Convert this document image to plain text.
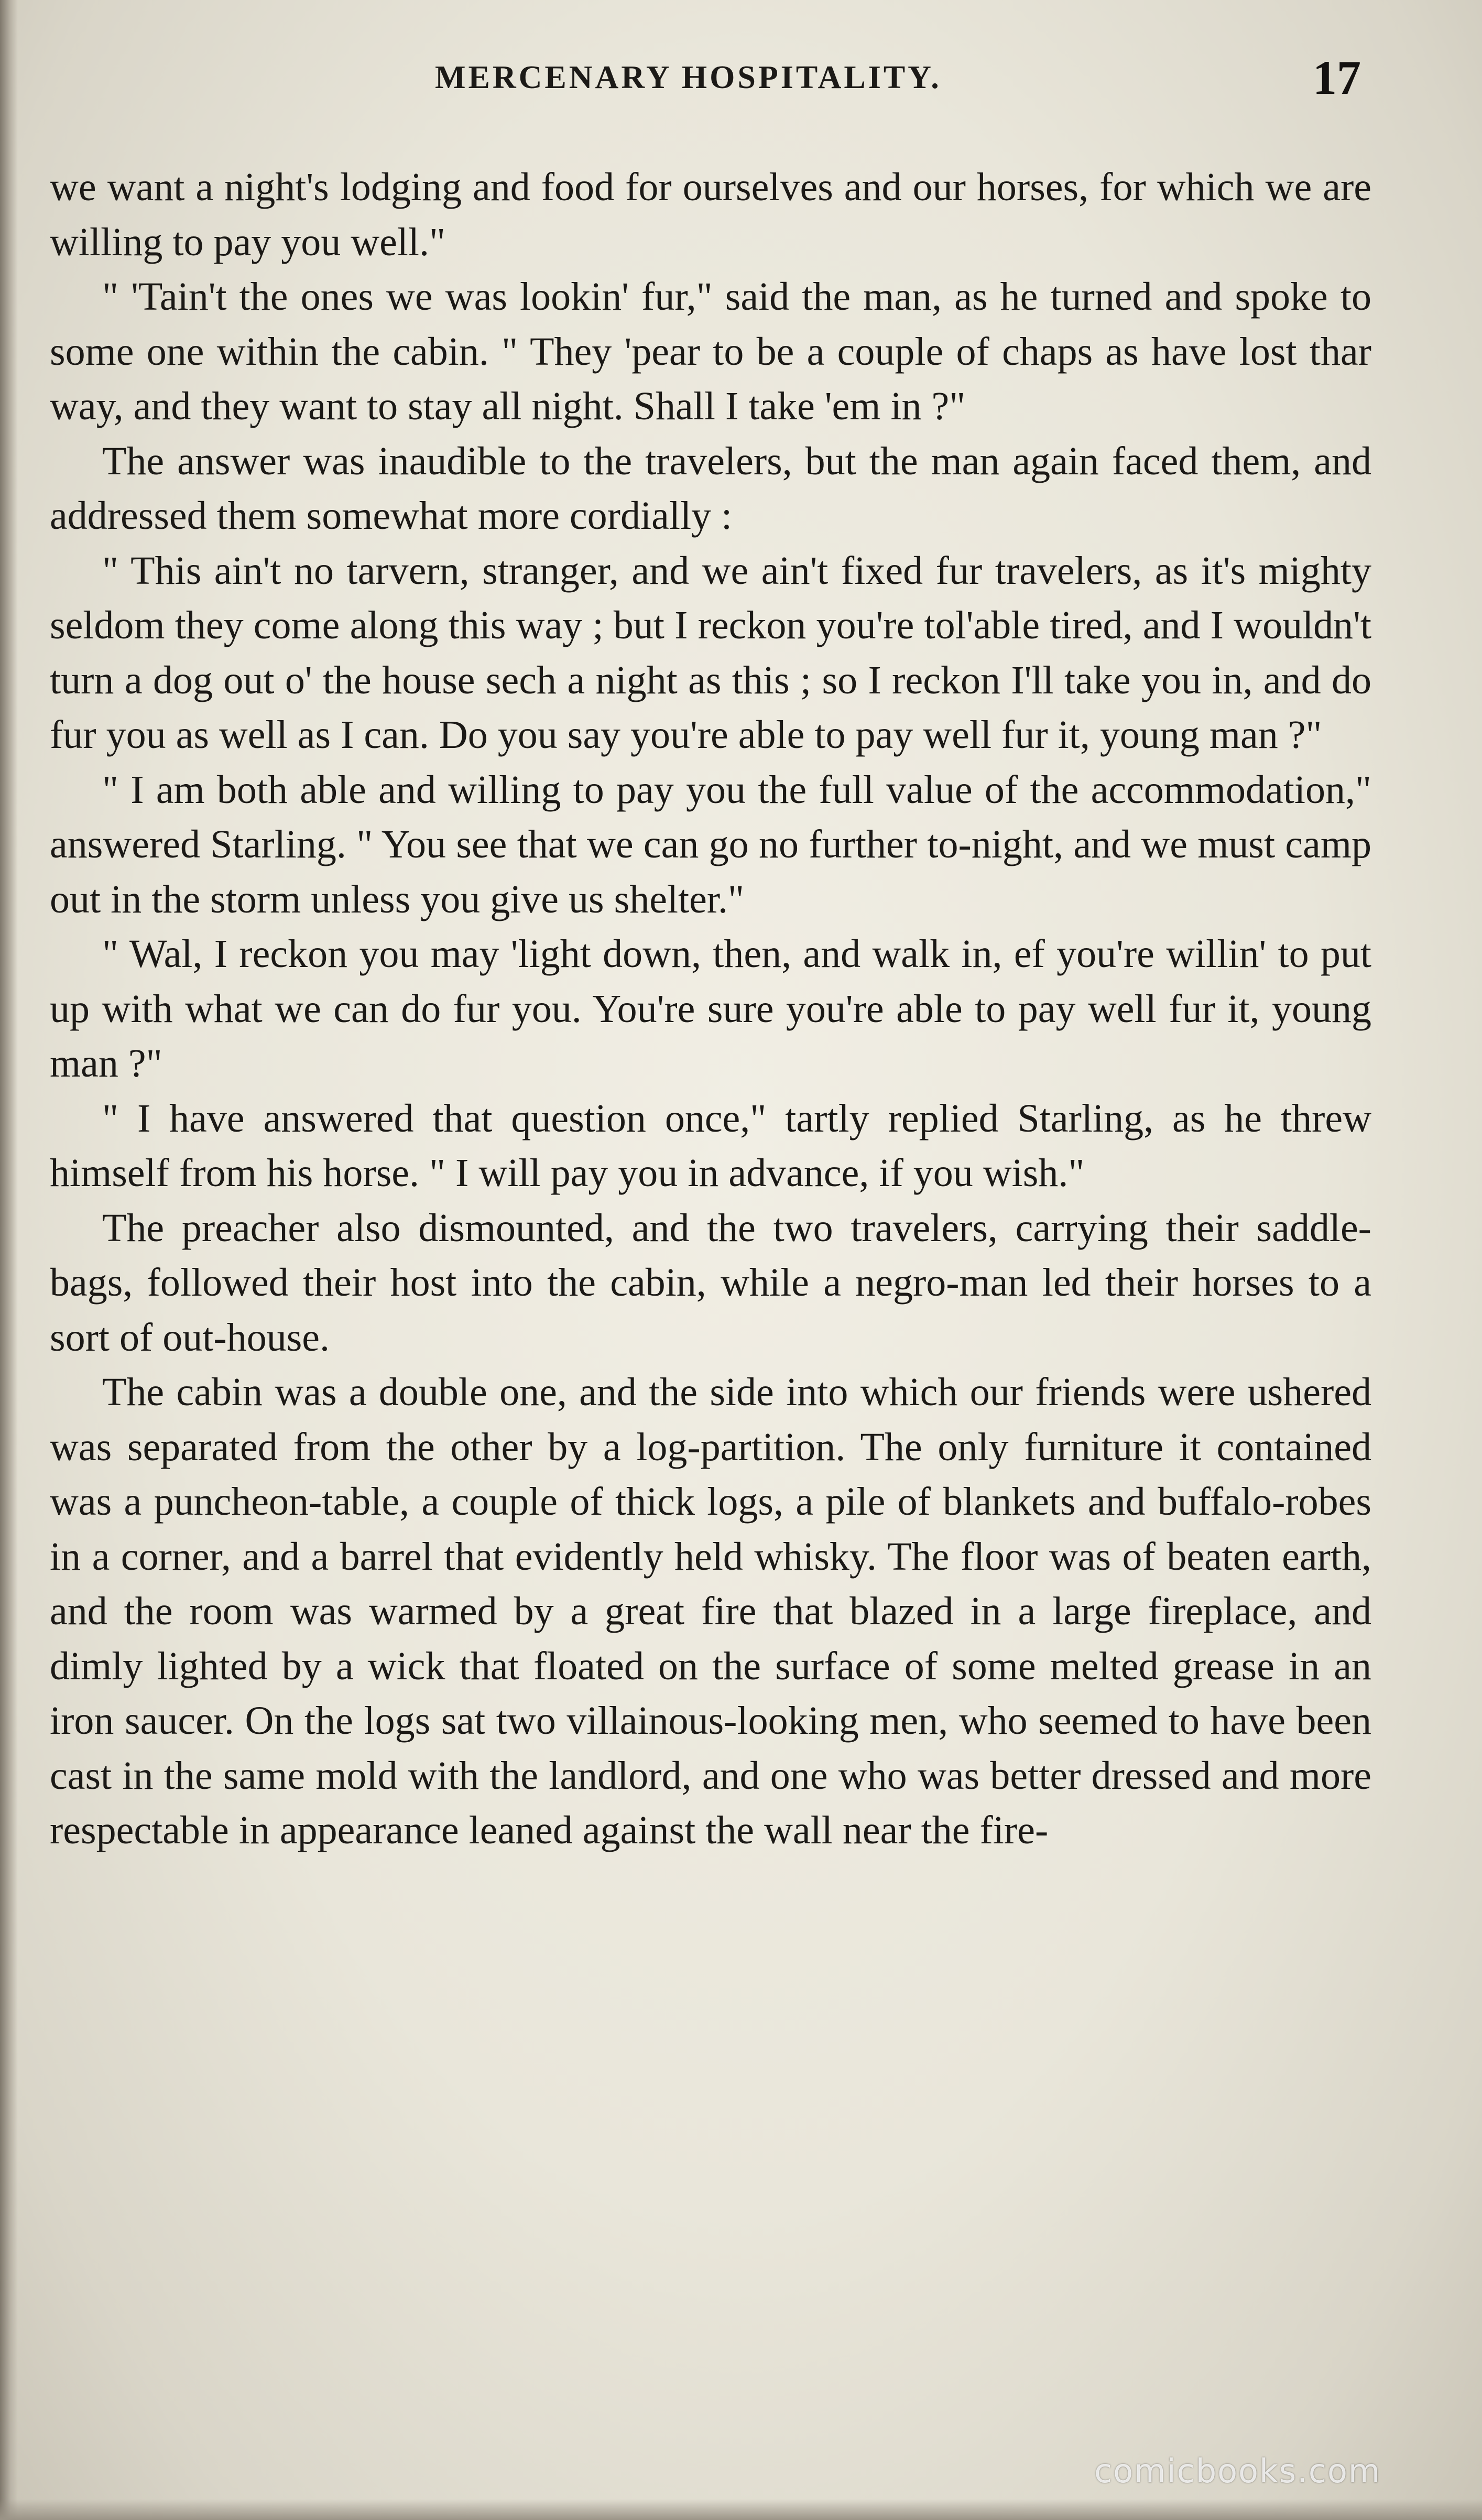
MERCENARY HOSPITALITY.	17

we want a night's lodging and food for ourselves and our horses, for which we are willing to pay you well."

" 'Tain't the ones we was lookin' fur," said the man, as he turned and spoke to some one within the cabin. " They 'pear to be a couple of chaps as have lost thar way, and they want to stay all night. Shall I take 'em in ?"

The answer was inaudible to the travelers, but the man again faced them, and addressed them somewhat more cordially :

" This ain't no tarvern, stranger, and we ain't fixed fur travelers, as it's mighty seldom they come along this way ; but I reckon you're tol'able tired, and I wouldn't turn a dog out o' the house sech a night as this ; so I reckon I'll take you in, and do fur you as well as I can. Do you say you're able to pay well fur it, young man ?"

" I am both able and willing to pay you the full value of the accommodation," answered Starling. " You see that we can go no further to-night, and we must camp out in the storm unless you give us shelter."

" Wal, I reckon you may 'light down, then, and walk in, ef you're willin' to put up with what we can do fur you. You're sure you're able to pay well fur it, young man ?"

" I have answered that question once," tartly replied Starling, as he threw himself from his horse. " I will pay you in advance, if you wish."

The preacher also dismounted, and the two travelers, carrying their saddle-bags, followed their host into the cabin, while a negro-man led their horses to a sort of out-house.

The cabin was a double one, and the side into which our friends were ushered was separated from the other by a log-partition. The only furniture it contained was a puncheon-table, a couple of thick logs, a pile of blankets and buffalo-robes in a corner, and a barrel that evidently held whisky. The floor was of beaten earth, and the room was warmed by a great fire that blazed in a large fireplace, and dimly lighted by a wick that floated on the surface of some melted grease in an iron saucer. On the logs sat two villainous-looking men, who seemed to have been cast in the same mold with the landlord, and one who was better dressed and more respectable in appearance leaned against the wall near the fire-

comicbooks.com
